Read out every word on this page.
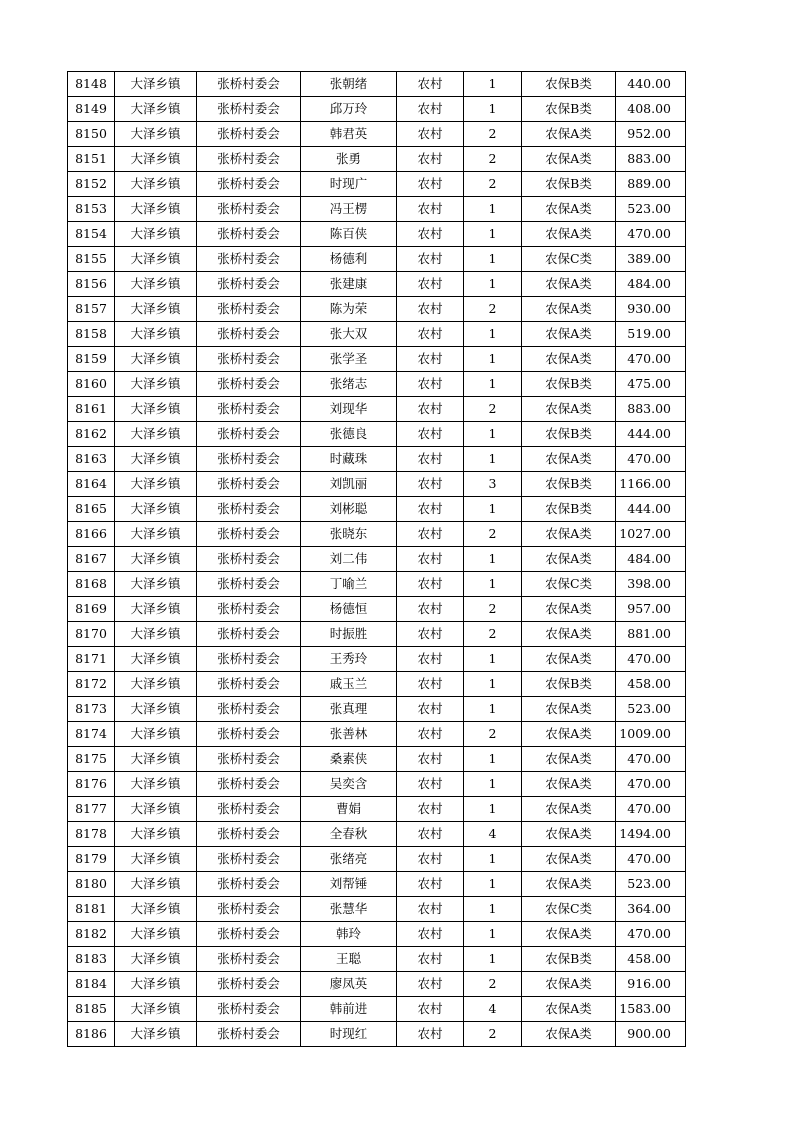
8148	大泽乡镇	张桥村委会	张朝绪	农村	1	农保B类	440.00
8149	大泽乡镇	张桥村委会	邱万玲	农村	1	农保B类	408.00
8150	大泽乡镇	张桥村委会	韩君英	农村	2	农保A类	952.00
8151	大泽乡镇	张桥村委会	张勇	农村	2	农保A类	883.00
8152	大泽乡镇	张桥村委会	时现广	农村	2	农保B类	889.00
8153	大泽乡镇	张桥村委会	冯王楞	农村	1	农保A类	523.00
8154	大泽乡镇	张桥村委会	陈百侠	农村	1	农保A类	470.00
8155	大泽乡镇	张桥村委会	杨德利	农村	1	农保C类	389.00
8156	大泽乡镇	张桥村委会	张建康	农村	1	农保A类	484.00
8157	大泽乡镇	张桥村委会	陈为荣	农村	2	农保A类	930.00
8158	大泽乡镇	张桥村委会	张大双	农村	1	农保A类	519.00
8159	大泽乡镇	张桥村委会	张学圣	农村	1	农保A类	470.00
8160	大泽乡镇	张桥村委会	张绪志	农村	1	农保B类	475.00
8161	大泽乡镇	张桥村委会	刘现华	农村	2	农保A类	883.00
8162	大泽乡镇	张桥村委会	张德良	农村	1	农保B类	444.00
8163	大泽乡镇	张桥村委会	时藏珠	农村	1	农保A类	470.00
8164	大泽乡镇	张桥村委会	刘凯丽	农村	3	农保B类	1166.00
8165	大泽乡镇	张桥村委会	刘彬聪	农村	1	农保B类	444.00
8166	大泽乡镇	张桥村委会	张晓东	农村	2	农保A类	1027.00
8167	大泽乡镇	张桥村委会	刘二伟	农村	1	农保A类	484.00
8168	大泽乡镇	张桥村委会	丁喻兰	农村	1	农保C类	398.00
8169	大泽乡镇	张桥村委会	杨德恒	农村	2	农保A类	957.00
8170	大泽乡镇	张桥村委会	时振胜	农村	2	农保A类	881.00
8171	大泽乡镇	张桥村委会	王秀玲	农村	1	农保A类	470.00
8172	大泽乡镇	张桥村委会	戚玉兰	农村	1	农保B类	458.00
8173	大泽乡镇	张桥村委会	张真理	农村	1	农保A类	523.00
8174	大泽乡镇	张桥村委会	张善林	农村	2	农保A类	1009.00
8175	大泽乡镇	张桥村委会	桑素侠	农村	1	农保A类	470.00
8176	大泽乡镇	张桥村委会	吴奕含	农村	1	农保A类	470.00
8177	大泽乡镇	张桥村委会	曹娟	农村	1	农保A类	470.00
8178	大泽乡镇	张桥村委会	全春秋	农村	4	农保A类	1494.00
8179	大泽乡镇	张桥村委会	张绪亮	农村	1	农保A类	470.00
8180	大泽乡镇	张桥村委会	刘帮锤	农村	1	农保A类	523.00
8181	大泽乡镇	张桥村委会	张慧华	农村	1	农保C类	364.00
8182	大泽乡镇	张桥村委会	韩玲	农村	1	农保A类	470.00
8183	大泽乡镇	张桥村委会	王聪	农村	1	农保B类	458.00
8184	大泽乡镇	张桥村委会	廖凤英	农村	2	农保A类	916.00
8185	大泽乡镇	张桥村委会	韩前进	农村	4	农保A类	1583.00
8186	大泽乡镇	张桥村委会	时现红	农村	2	农保A类	900.00
